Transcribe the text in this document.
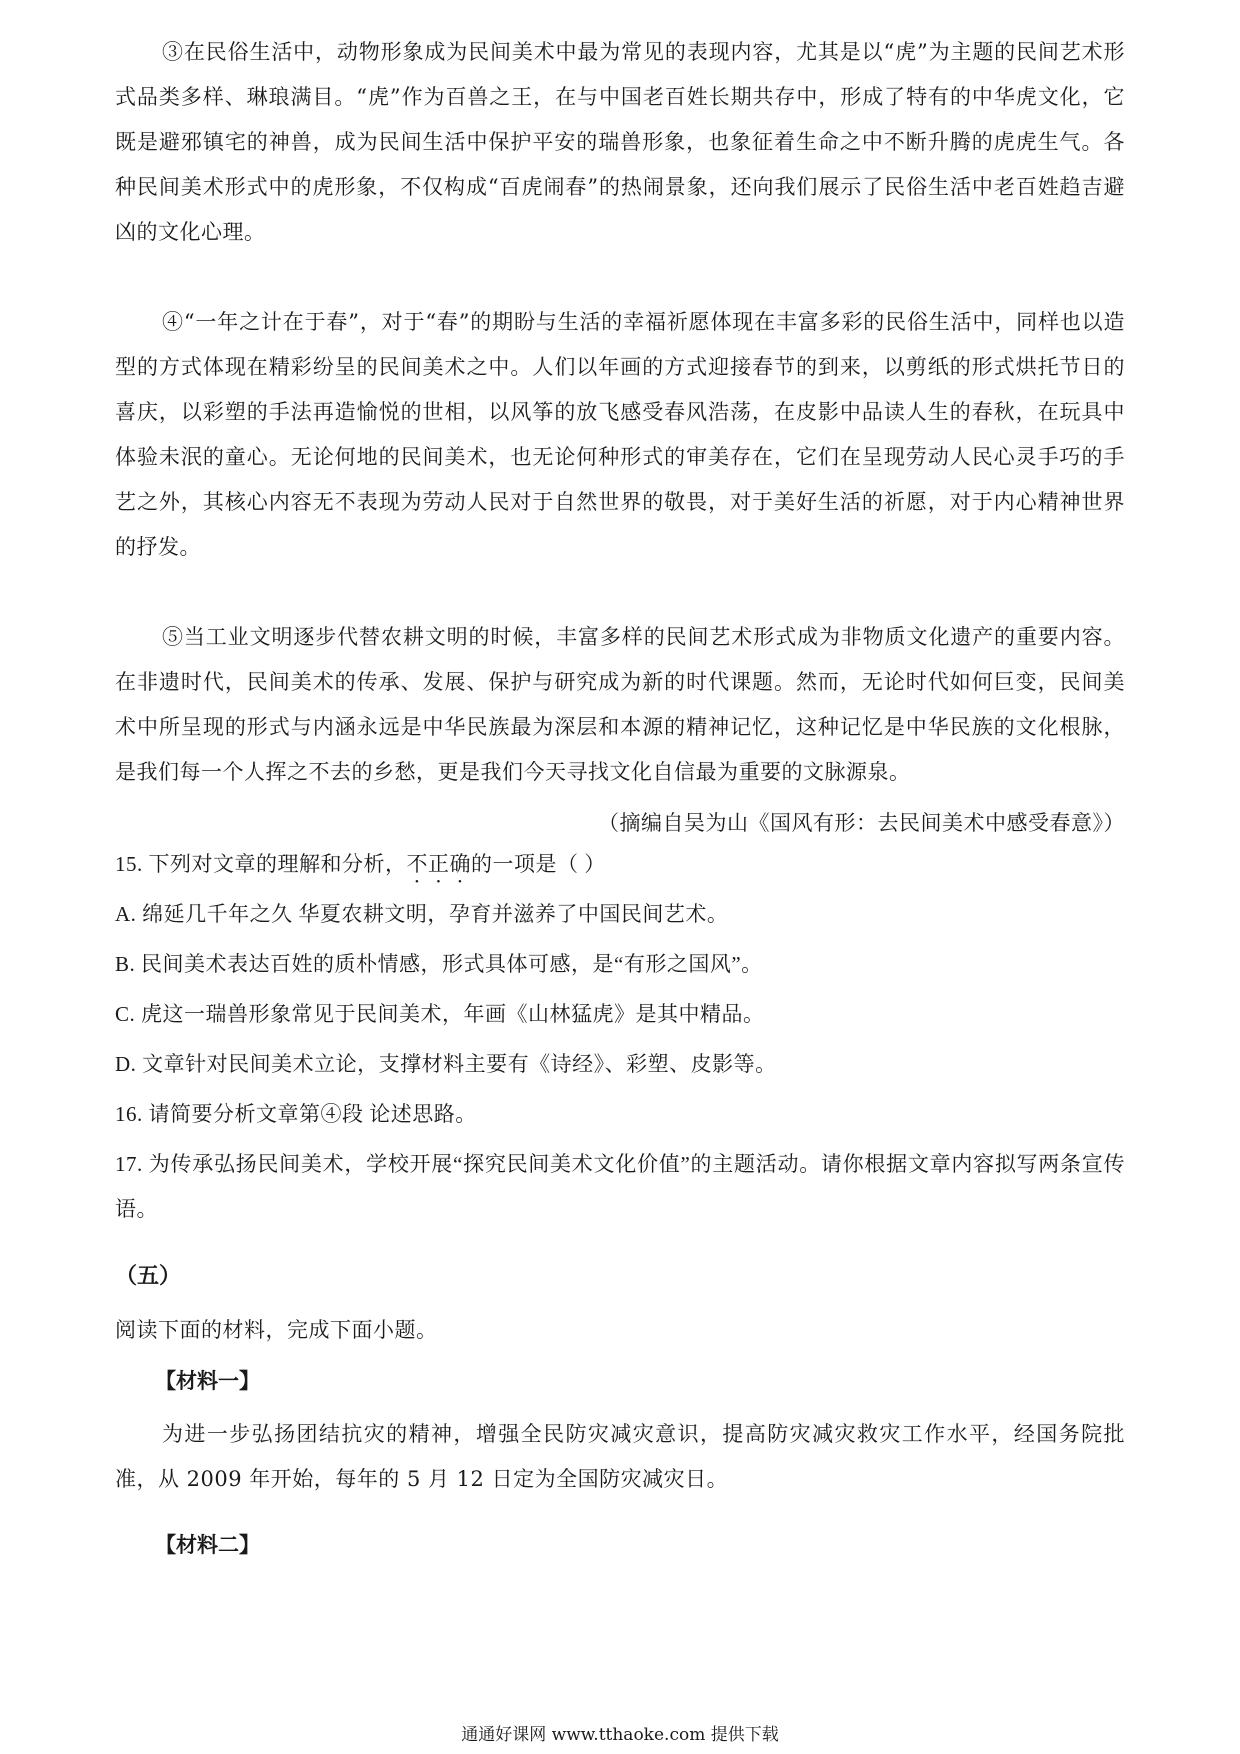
③在民俗生活中，动物形象成为民间美术中最为常见的表现内容，尤其是以“虎”为主题的民间艺术形式品类多样、琳琅满目。“虎”作为百兽之王，在与中国老百姓长期共存中，形成了特有的中华虎文化，它既是避邪镇宅的神兽，成为民间生活中保护平安的瑞兽形象，也象征着生命之中不断升腾的虎虎生气。各种民间美术形式中的虎形象，不仅构成“百虎闹春”的热闹景象，还向我们展示了民俗生活中老百姓趋吉避凶的文化心理。
④“一年之计在于春”，对于“春”的期盼与生活的幸福祈愿体现在丰富多彩的民俗生活中，同样也以造型的方式体现在精彩纷呈的民间美术之中。人们以年画的方式迎接春节的到来，以剪纸的形式烘托节日的喜庆，以彩塑的手法再造愉悦的世相，以风筝的放飞感受春风浩荡，在皮影中品读人生的春秋，在玩具中体验未泯的童心。无论何地的民间美术，也无论何种形式的审美存在，它们在呈现劳动人民心灵手巧的手艺之外，其核心内容无不表现为劳动人民对于自然世界的敬畏，对于美好生活的祈愿，对于内心精神世界的抒发。
⑤当工业文明逐步代替农耕文明的时候，丰富多样的民间艺术形式成为非物质文化遗产的重要内容。在非遗时代，民间美术的传承、发展、保护与研究成为新的时代课题。然而，无论时代如何巨变，民间美术中所呈现的形式与内涵永远是中华民族最为深层和本源的精神记忆，这种记忆是中华民族的文化根脉，是我们每一个人挥之不去的乡愁，更是我们今天寻找文化自信最为重要的文脉源泉。
（摘编自吴为山《国风有形：去民间美术中感受春意》）
15. 下列对文章的理解和分析，不正确的一项是（ ）
A. 绵延几千年之久 华夏农耕文明，孕育并滋养了中国民间艺术。
B. 民间美术表达百姓的质朴情感，形式具体可感，是“有形之国风”。
C. 虎这一瑞兽形象常见于民间美术，年画《山林猛虎》是其中精品。
D. 文章针对民间美术立论，支撑材料主要有《诗经》、彩塑、皮影等。
16. 请简要分析文章第④段 论述思路。
17. 为传承弘扬民间美术，学校开展“探究民间美术文化价值”的主题活动。请你根据文章内容拟写两条宣传语。
（五）
阅读下面的材料，完成下面小题。
【材料一】
为进一步弘扬团结抗灾的精神，增强全民防灾减灾意识，提高防灾减灾救灾工作水平，经国务院批准，从 2009 年开始，每年的 5 月 12 日定为全国防灾减灾日。
【材料二】
通通好课网 www.tthaoke.com 提供下载
